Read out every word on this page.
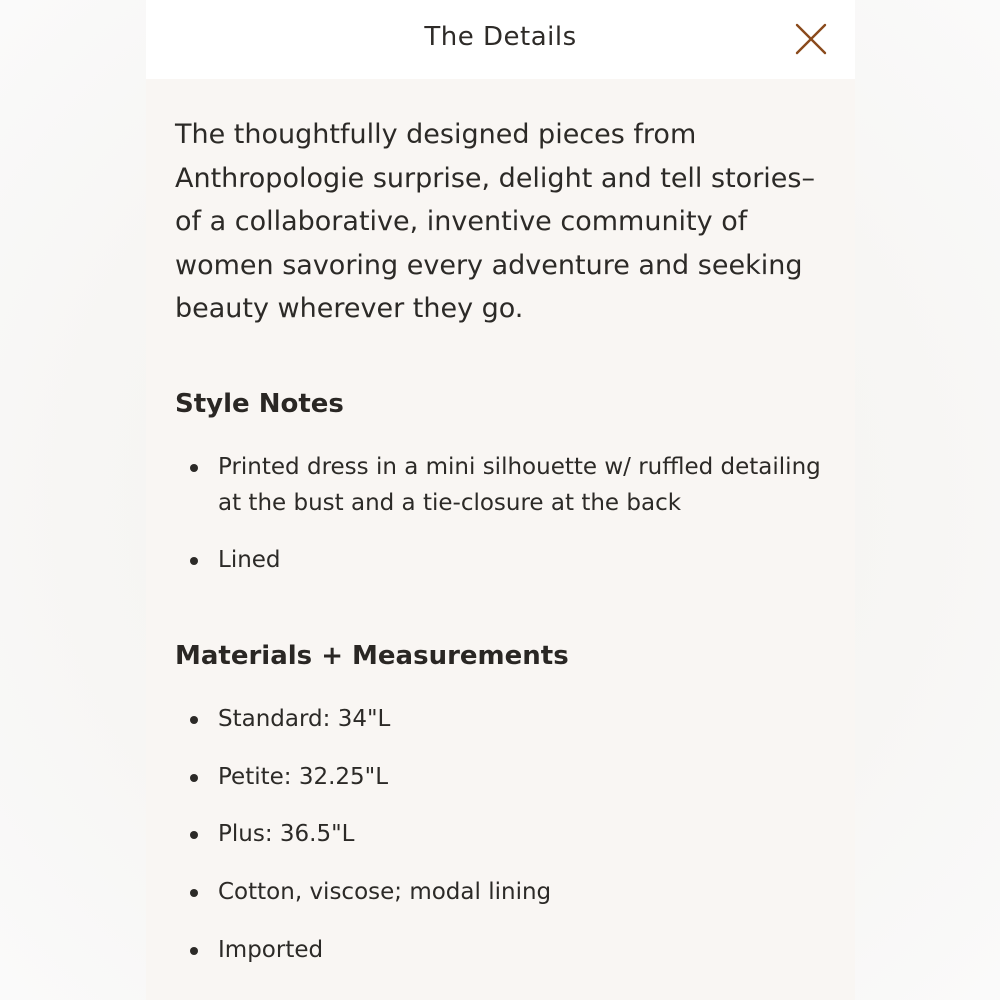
The Details

The thoughtfully designed pieces from Anthropologie surprise, delight and tell stories–of a collaborative, inventive community of women savoring every adventure and seeking beauty wherever they go.

Style Notes
Printed dress in a mini silhouette w/ ruffled detailing at the bust and a tie-closure at the back
Lined
Materials + Measurements
Standard: 34"L
Petite: 32.25"L
Plus: 36.5"L
Cotton, viscose; modal lining
Imported
